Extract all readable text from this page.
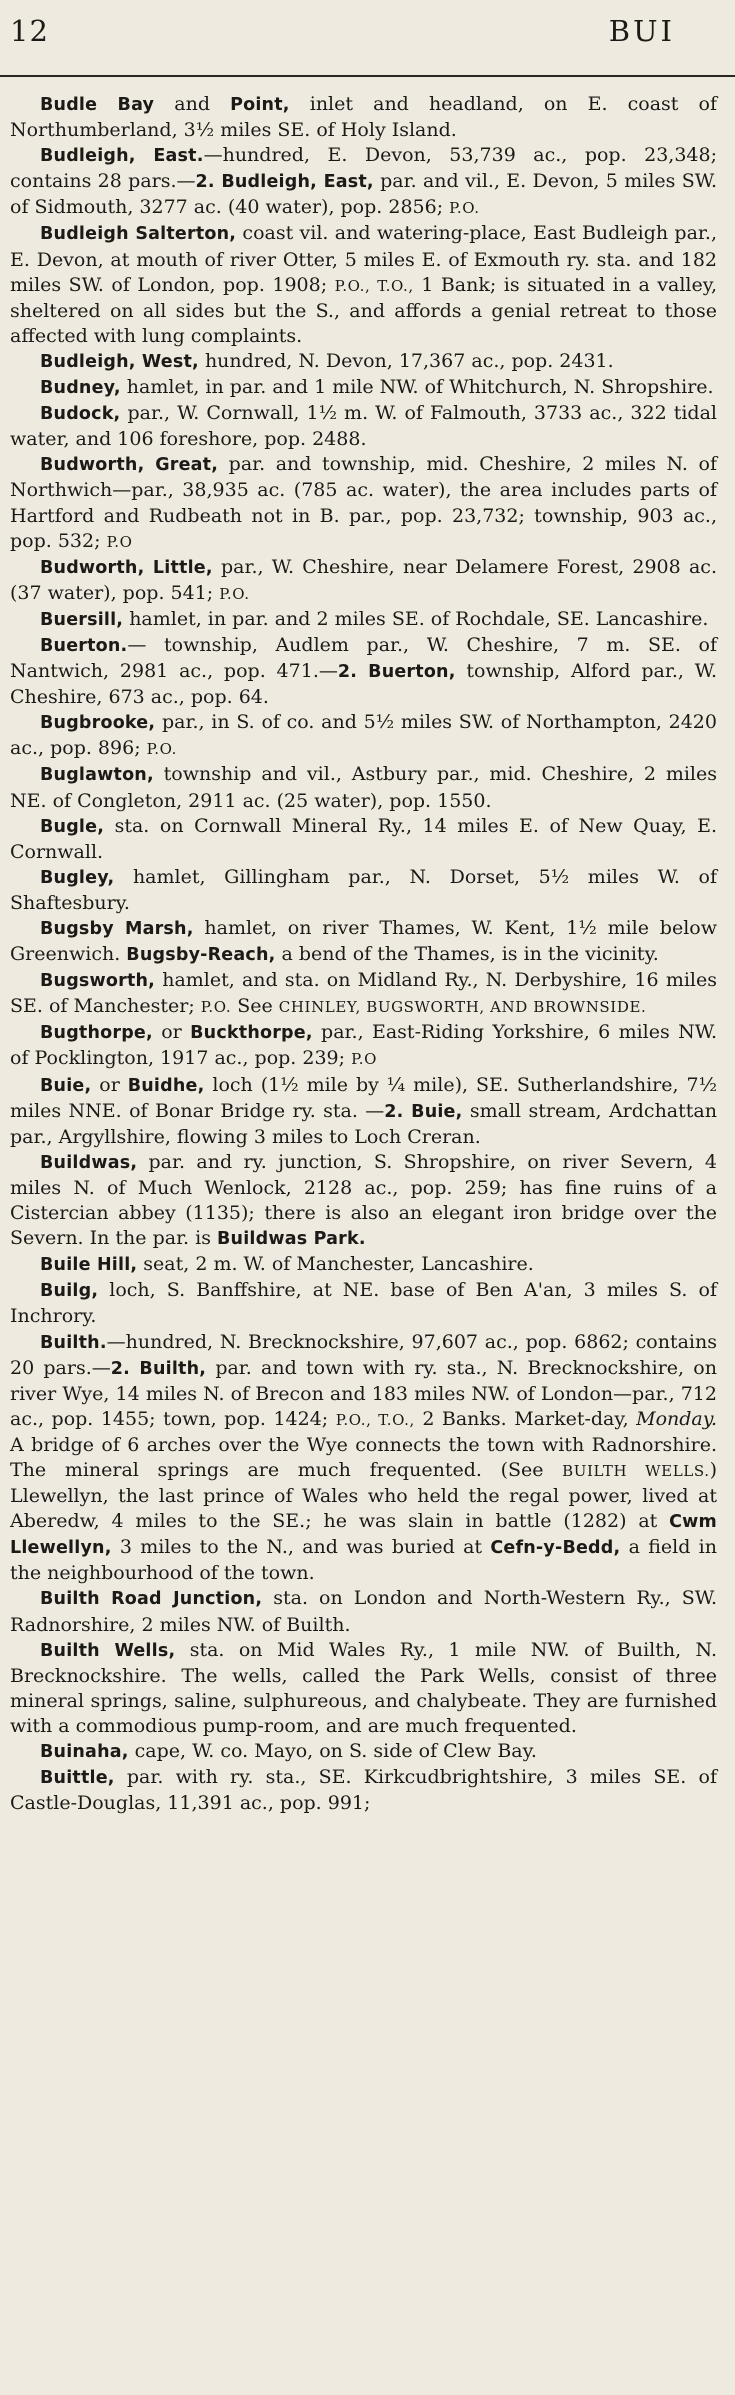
12	BUI

Budle Bay and Point, inlet and headland, on E. coast of Northumberland, 3½ miles SE. of Holy Island.

Budleigh, East.—hundred, E. Devon, 53,739 ac., pop. 23,348; contains 28 pars.—2. Budleigh, East, par. and vil., E. Devon, 5 miles SW. of Sidmouth, 3277 ac. (40 water), pop. 2856; P.O.

Budleigh Salterton, coast vil. and watering-place, East Budleigh par., E. Devon, at mouth of river Otter, 5 miles E. of Exmouth ry. sta. and 182 miles SW. of London, pop. 1908; P.O., T.O., 1 Bank; is situated in a valley, sheltered on all sides but the S., and affords a genial retreat to those affected with lung complaints.

Budleigh, West, hundred, N. Devon, 17,367 ac., pop. 2431.

Budney, hamlet, in par. and 1 mile NW. of Whitchurch, N. Shropshire.

Budock, par., W. Cornwall, 1½ m. W. of Falmouth, 3733 ac., 322 tidal water, and 106 foreshore, pop. 2488.

Budworth, Great, par. and township, mid. Cheshire, 2 miles N. of Northwich—par., 38,935 ac. (785 ac. water), the area includes parts of Hartford and Rudbeath not in B. par., pop. 23,732; township, 903 ac., pop. 532; P.O

Budworth, Little, par., W. Cheshire, near Delamere Forest, 2908 ac. (37 water), pop. 541; P.O.

Buersill, hamlet, in par. and 2 miles SE. of Rochdale, SE. Lancashire.

Buerton.— township, Audlem par., W. Cheshire, 7 m. SE. of Nantwich, 2981 ac., pop. 471.—2. Buerton, township, Alford par., W. Cheshire, 673 ac., pop. 64.

Bugbrooke, par., in S. of co. and 5½ miles SW. of Northampton, 2420 ac., pop. 896; P.O.

Buglawton, township and vil., Astbury par., mid. Cheshire, 2 miles NE. of Congleton, 2911 ac. (25 water), pop. 1550.

Bugle, sta. on Cornwall Mineral Ry., 14 miles E. of New Quay, E. Cornwall.

Bugley, hamlet, Gillingham par., N. Dorset, 5½ miles W. of Shaftesbury.

Bugsby Marsh, hamlet, on river Thames, W. Kent, 1½ mile below Greenwich. Bugsby-Reach, a bend of the Thames, is in the vicinity.

Bugsworth, hamlet, and sta. on Midland Ry., N. Derbyshire, 16 miles SE. of Manchester; P.O. See CHINLEY, BUGSWORTH, AND BROWNSIDE.

Bugthorpe, or Buckthorpe, par., East-Riding Yorkshire, 6 miles NW. of Pocklington, 1917 ac., pop. 239; P.O

Buie, or Buidhe, loch (1½ mile by ¼ mile), SE. Sutherlandshire, 7½ miles NNE. of Bonar Bridge ry. sta. —2. Buie, small stream, Ardchattan par., Argyllshire, flowing 3 miles to Loch Creran.

Buildwas, par. and ry. junction, S. Shropshire, on river Severn, 4 miles N. of Much Wenlock, 2128 ac., pop. 259; has fine ruins of a Cistercian abbey (1135); there is also an elegant iron bridge over the Severn. In the par. is Buildwas Park.

Buile Hill, seat, 2 m. W. of Manchester, Lancashire.

Builg, loch, S. Banffshire, at NE. base of Ben A'an, 3 miles S. of Inchrory.

Builth.—hundred, N. Brecknockshire, 97,607 ac., pop. 6862; contains 20 pars.—2. Builth, par. and town with ry. sta., N. Brecknockshire, on river Wye, 14 miles N. of Brecon and 183 miles NW. of London—par., 712 ac., pop. 1455; town, pop. 1424; P.O., T.O., 2 Banks. Market-day, Monday. A bridge of 6 arches over the Wye connects the town with Radnorshire. The mineral springs are much frequented. (See BUILTH WELLS.) Llewellyn, the last prince of Wales who held the regal power, lived at Aberedw, 4 miles to the SE.; he was slain in battle (1282) at Cwm Llewellyn, 3 miles to the N., and was buried at Cefn-y-Bedd, a field in the neighbourhood of the town.

Builth Road Junction, sta. on London and North-Western Ry., SW. Radnorshire, 2 miles NW. of Builth.

Builth Wells, sta. on Mid Wales Ry., 1 mile NW. of Builth, N. Brecknockshire. The wells, called the Park Wells, consist of three mineral springs, saline, sulphureous, and chalybeate. They are furnished with a commodious pump-room, and are much frequented.

Buinaha, cape, W. co. Mayo, on S. side of Clew Bay.

Buittle, par. with ry. sta., SE. Kirkcudbrightshire, 3 miles SE. of Castle-Douglas, 11,391 ac., pop. 991;
